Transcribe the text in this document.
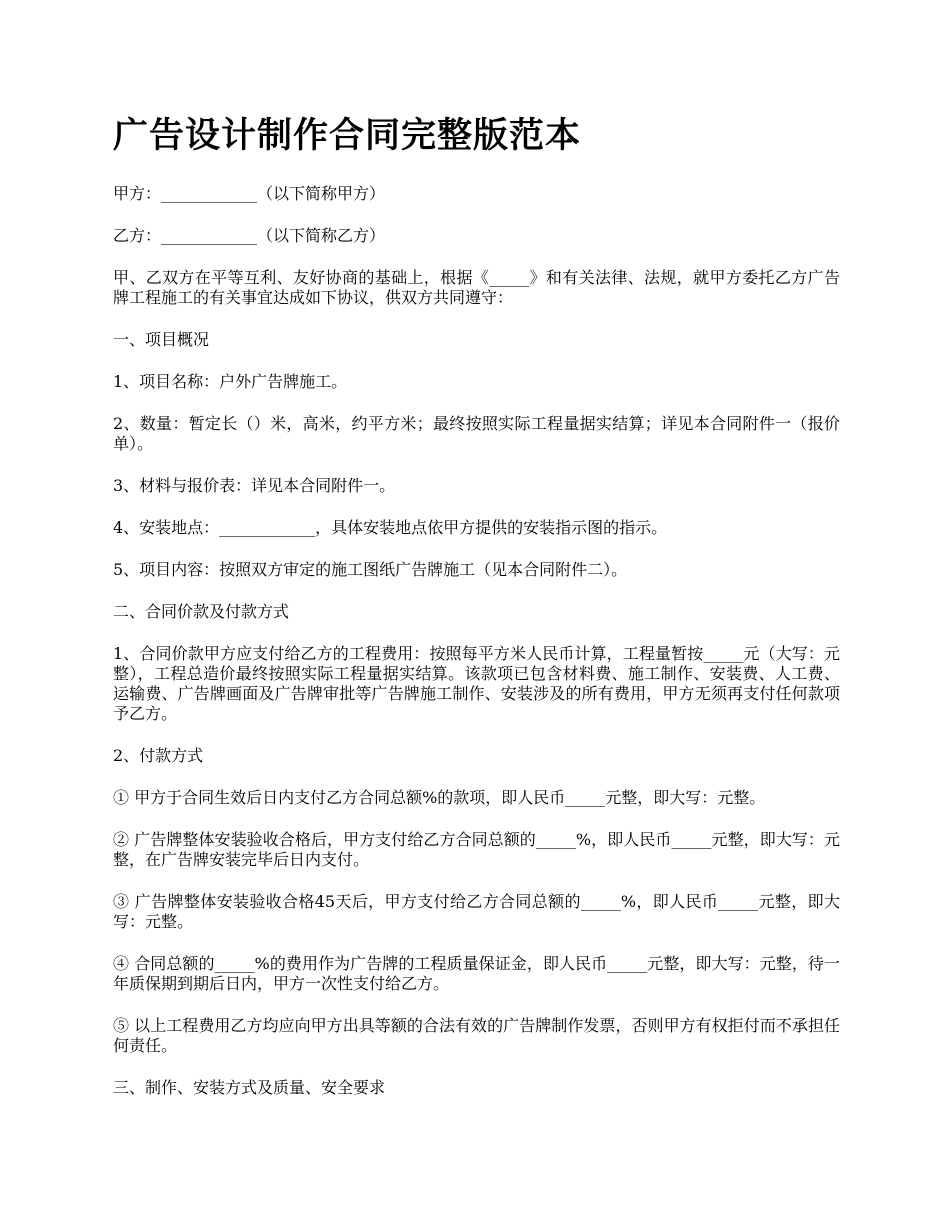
广告设计制作合同完整版范本

甲方：____________（以下简称甲方）

乙方：____________（以下简称乙方）

甲、乙双方在平等互利、友好协商的基础上，根据《_____》和有关法律、法规，就甲方委托乙方广告牌工程施工的有关事宜达成如下协议，供双方共同遵守：

一、项目概况

1、项目名称：户外广告牌施工。

2、数量：暂定长（）米，高米，约平方米；最终按照实际工程量据实结算；详见本合同附件一（报价单）。

3、材料与报价表：详见本合同附件一。

4、安装地点：____________，具体安装地点依甲方提供的安装指示图的指示。

5、项目内容：按照双方审定的施工图纸广告牌施工（见本合同附件二）。

二、合同价款及付款方式

1、合同价款甲方应支付给乙方的工程费用：按照每平方米人民币计算，工程量暂按_____元（大写：元整），工程总造价最终按照实际工程量据实结算。该款项已包含材料费、施工制作、安装费、人工费、运输费、广告牌画面及广告牌审批等广告牌施工制作、安装涉及的所有费用，甲方无须再支付任何款项予乙方。

2、付款方式

① 甲方于合同生效后日内支付乙方合同总额%的款项，即人民币_____元整，即大写：元整。

② 广告牌整体安装验收合格后，甲方支付给乙方合同总额的_____%，即人民币_____元整，即大写：元整，在广告牌安装完毕后日内支付。

③ 广告牌整体安装验收合格45天后，甲方支付给乙方合同总额的_____%，即人民币_____元整，即大写：元整。

④ 合同总额的_____%的费用作为广告牌的工程质量保证金，即人民币_____元整，即大写：元整，待一年质保期到期后日内，甲方一次性支付给乙方。

⑤ 以上工程费用乙方均应向甲方出具等额的合法有效的广告牌制作发票，否则甲方有权拒付而不承担任何责任。

三、制作、安装方式及质量、安全要求
